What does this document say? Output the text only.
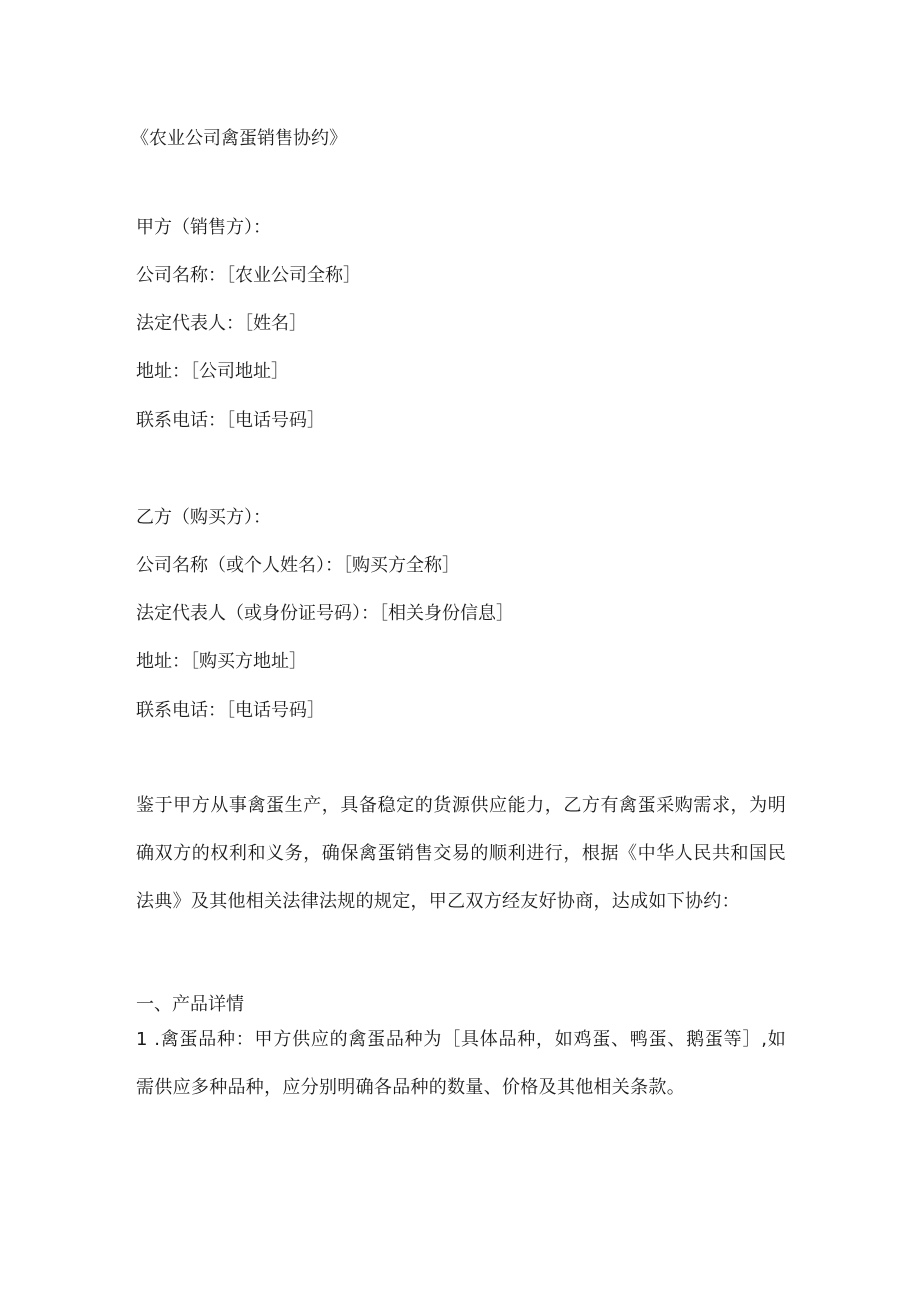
《农业公司禽蛋销售协约》
甲方（销售方）：
公司名称：［农业公司全称］
法定代表人：［姓名］
地址：［公司地址］
联系电话：［电话号码］
乙方（购买方）：
公司名称（或个人姓名）：［购买方全称］
法定代表人（或身份证号码）：［相关身份信息］
地址：［购买方地址］
联系电话：［电话号码］
鉴于甲方从事禽蛋生产，具备稳定的货源供应能力，乙方有禽蛋采购需求，为明确双方的权利和义务，确保禽蛋销售交易的顺利进行，根据《中华人民共和国民法典》及其他相关法律法规的规定，甲乙双方经友好协商，达成如下协约：
一、产品详情
1 .禽蛋品种：甲方供应的禽蛋品种为［具体品种，如鸡蛋、鸭蛋、鹅蛋等］,如需供应多种品种，应分别明确各品种的数量、价格及其他相关条款。
